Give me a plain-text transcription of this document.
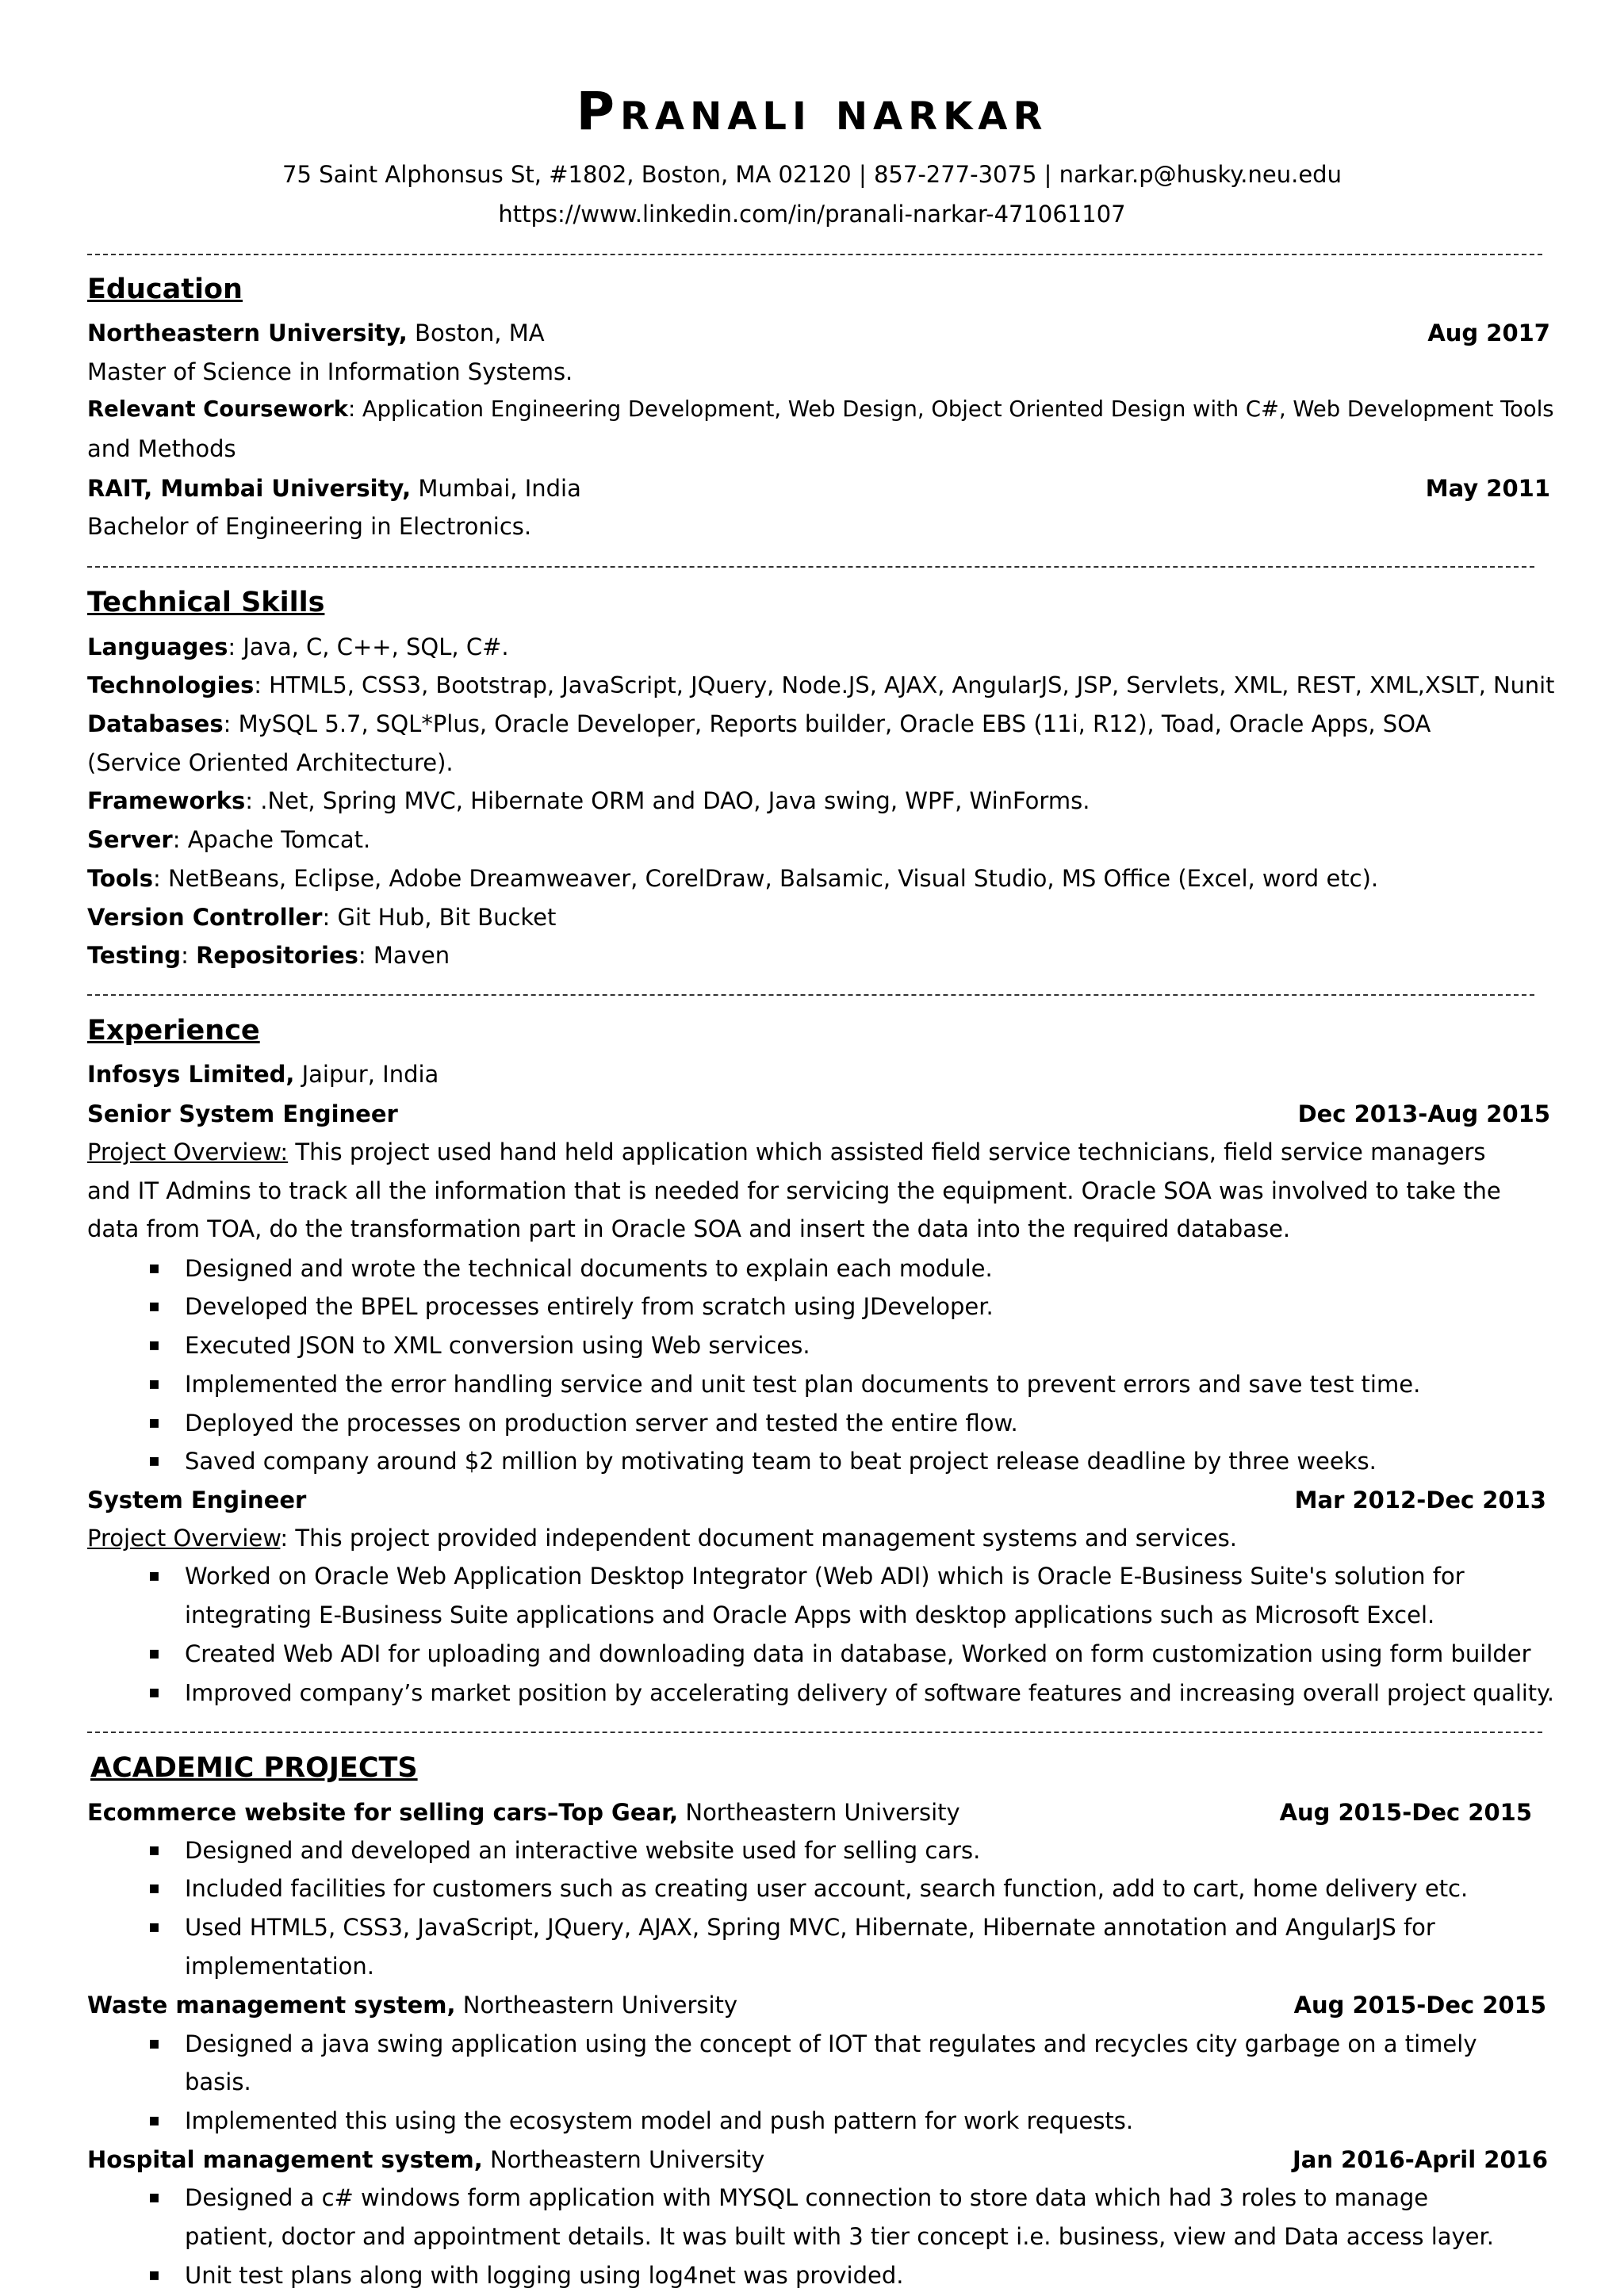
PRANALI NARKAR
75 Saint Alphonsus St, #1802, Boston, MA 02120 | 857-277-3075 | narkar.p@husky.neu.edu
https://www.linkedin.com/in/pranali-narkar-471061107
Education
Northeastern University, Boston, MA	Aug 2017
Master of Science in Information Systems.
Relevant Coursework: Application Engineering Development, Web Design, Object Oriented Design with C#, Web Development Tools
and Methods
RAIT, Mumbai University, Mumbai, India	May 2011
Bachelor of Engineering in Electronics.
Technical Skills
Languages: Java, C, C++, SQL, C#.
Technologies: HTML5, CSS3, Bootstrap, JavaScript, JQuery, Node.JS, AJAX, AngularJS, JSP, Servlets, XML, REST, XML,XSLT, Nunit
Databases: MySQL 5.7, SQL*Plus, Oracle Developer, Reports builder, Oracle EBS (11i, R12), Toad, Oracle Apps, SOA
(Service Oriented Architecture).
Frameworks: .Net, Spring MVC, Hibernate ORM and DAO, Java swing, WPF, WinForms.
Server: Apache Tomcat.
Tools: NetBeans, Eclipse, Adobe Dreamweaver, CorelDraw, Balsamic, Visual Studio, MS Office (Excel, word etc).
Version Controller: Git Hub, Bit Bucket
Testing: Repositories: Maven
Experience
Infosys Limited, Jaipur, India
Senior System Engineer	Dec 2013-Aug 2015
Project Overview: This project used hand held application which assisted field service technicians, field service managers
and IT Admins to track all the information that is needed for servicing the equipment. Oracle SOA was involved to take the
data from TOA, do the transformation part in Oracle SOA and insert the data into the required database.
▪ Designed and wrote the technical documents to explain each module.
▪ Developed the BPEL processes entirely from scratch using JDeveloper.
▪ Executed JSON to XML conversion using Web services.
▪ Implemented the error handling service and unit test plan documents to prevent errors and save test time.
▪ Deployed the processes on production server and tested the entire flow.
▪ Saved company around $2 million by motivating team to beat project release deadline by three weeks.
System Engineer	Mar 2012-Dec 2013
Project Overview: This project provided independent document management systems and services.
▪ Worked on Oracle Web Application Desktop Integrator (Web ADI) which is Oracle E-Business Suite's solution for
integrating E-Business Suite applications and Oracle Apps with desktop applications such as Microsoft Excel.
▪ Created Web ADI for uploading and downloading data in database, Worked on form customization using form builder
▪ Improved company’s market position by accelerating delivery of software features and increasing overall project quality.
ACADEMIC PROJECTS
Ecommerce website for selling cars–Top Gear, Northeastern University	Aug 2015-Dec 2015
▪ Designed and developed an interactive website used for selling cars.
▪ Included facilities for customers such as creating user account, search function, add to cart, home delivery etc.
▪ Used HTML5, CSS3, JavaScript, JQuery, AJAX, Spring MVC, Hibernate, Hibernate annotation and AngularJS for
implementation.
Waste management system, Northeastern University	Aug 2015-Dec 2015
▪ Designed a java swing application using the concept of IOT that regulates and recycles city garbage on a timely
basis.
▪ Implemented this using the ecosystem model and push pattern for work requests.
Hospital management system, Northeastern University	Jan 2016-April 2016
▪ Designed a c# windows form application with MYSQL connection to store data which had 3 roles to manage
patient, doctor and appointment details. It was built with 3 tier concept i.e. business, view and Data access layer.
▪ Unit test plans along with logging using log4net was provided.
